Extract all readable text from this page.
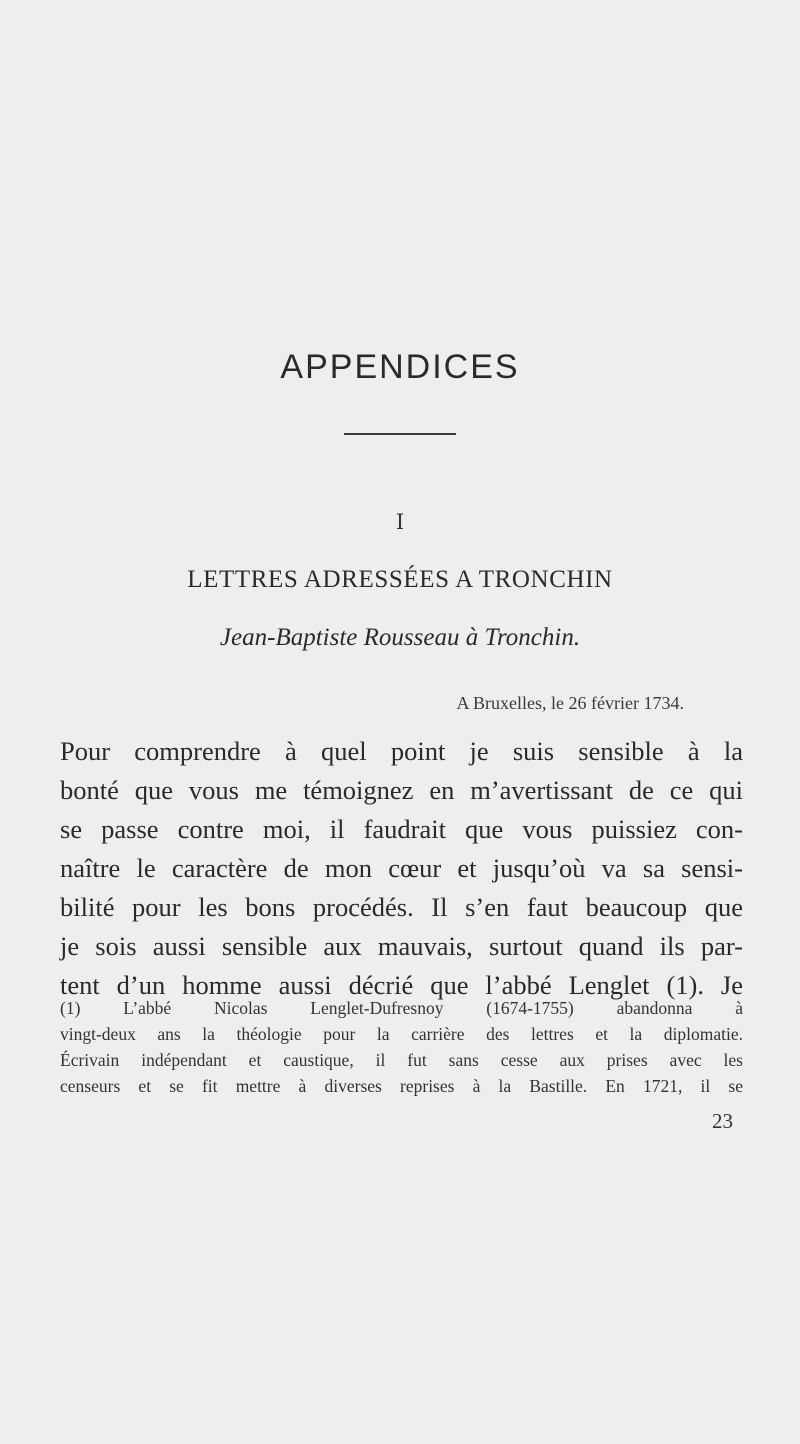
APPENDICES
I
LETTRES ADRESSÉES A TRONCHIN
Jean-Baptiste Rousseau à Tronchin.
A Bruxelles, le 26 février 1734.
Pour comprendre à quel point je suis sensible à la
bonté que vous me témoignez en m’avertissant de ce qui
se passe contre moi, il faudrait que vous puissiez con-
naître le caractère de mon cœur et jusqu’où va sa sensi-
bilité pour les bons procédés. Il s’en faut beaucoup que
je sois aussi sensible aux mauvais, surtout quand ils par-
tent d’un homme aussi décrié que l’abbé Lenglet (1). Je
(1) L’abbé Nicolas Lenglet-Dufresnoy (1674-1755) abandonna à
vingt-deux ans la théologie pour la carrière des lettres et la diplomatie.
Écrivain indépendant et caustique, il fut sans cesse aux prises avec les
censeurs et se fit mettre à diverses reprises à la Bastille. En 1721, il se
23
